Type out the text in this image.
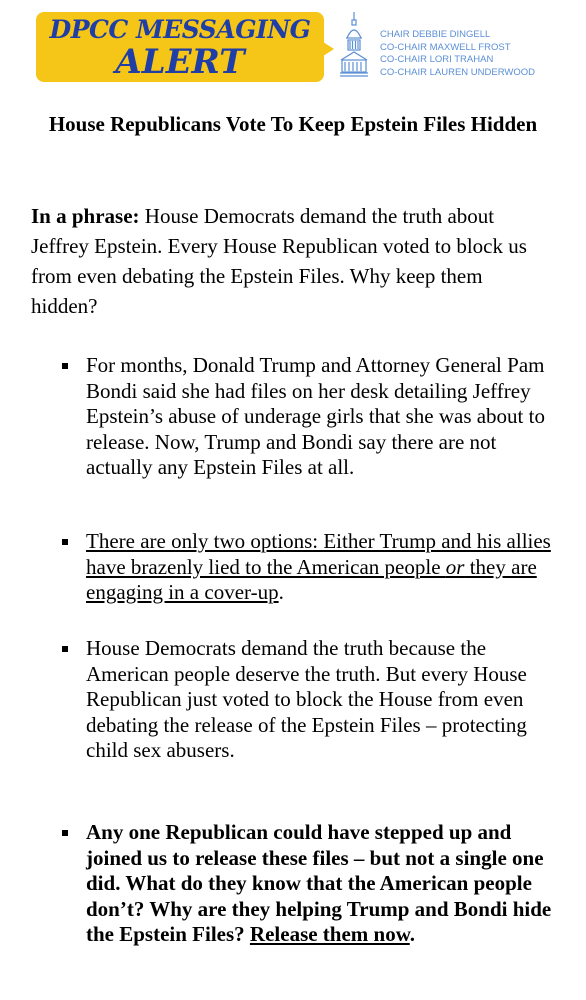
DPCC MESSAGING
ALERT
CHAIR DEBBIE DINGELL
CO-CHAIR MAXWELL FROST
CO-CHAIR LORI TRAHAN
CO-CHAIR LAUREN UNDERWOOD
House Republicans Vote To Keep Epstein Files Hidden
In a phrase: House Democrats demand the truth about Jeffrey Epstein. Every House Republican voted to block us from even debating the Epstein Files. Why keep them hidden?
For months, Donald Trump and Attorney General Pam Bondi said she had files on her desk detailing Jeffrey Epstein’s abuse of underage girls that she was about to release. Now, Trump and Bondi say there are not actually any Epstein Files at all.
There are only two options: Either Trump and his allies have brazenly lied to the American people or they are engaging in a cover-up.
House Democrats demand the truth because the American people deserve the truth. But every House Republican just voted to block the House from even debating the release of the Epstein Files – protecting child sex abusers.
Any one Republican could have stepped up and joined us to release these files – but not a single one did. What do they know that the American people don’t? Why are they helping Trump and Bondi hide the Epstein Files? Release them now.
